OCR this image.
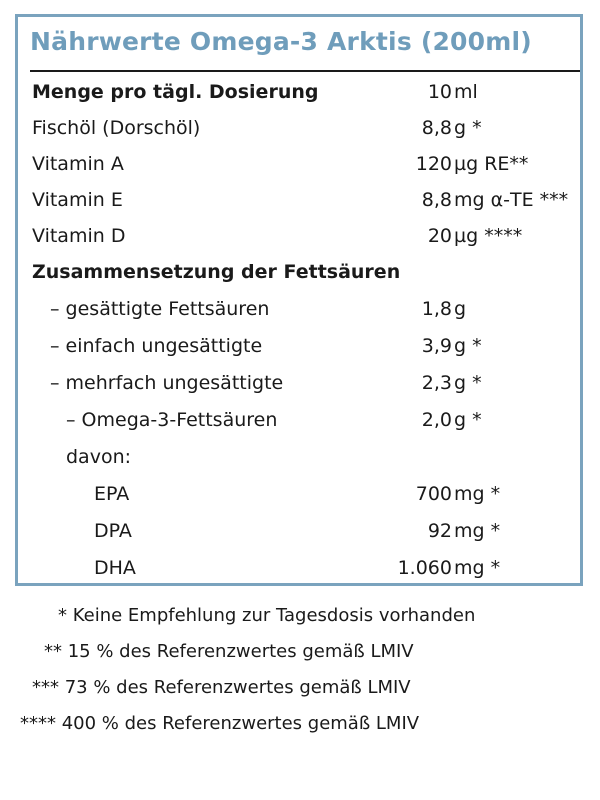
Nährwerte Omega-3 Arktis (200ml)
Menge pro tägl. Dosierung	10 ml
Fischöl (Dorschöl)	8,8 g *
Vitamin A	120 µg RE**
Vitamin E	8,8 mg α-TE ***
Vitamin D	20 µg ****
Zusammensetzung der Fettsäuren
– gesättigte Fettsäuren	1,8 g
– einfach ungesättigte	3,9 g *
– mehrfach ungesättigte	2,3 g *
– Omega-3-Fettsäuren	2,0 g *
davon:
EPA	700 mg *
DPA	92 mg *
DHA	1.060 mg *
* Keine Empfehlung zur Tagesdosis vorhanden
** 15 % des Referenzwertes gemäß LMIV
*** 73 % des Referenzwertes gemäß LMIV
**** 400 % des Referenzwertes gemäß LMIV
